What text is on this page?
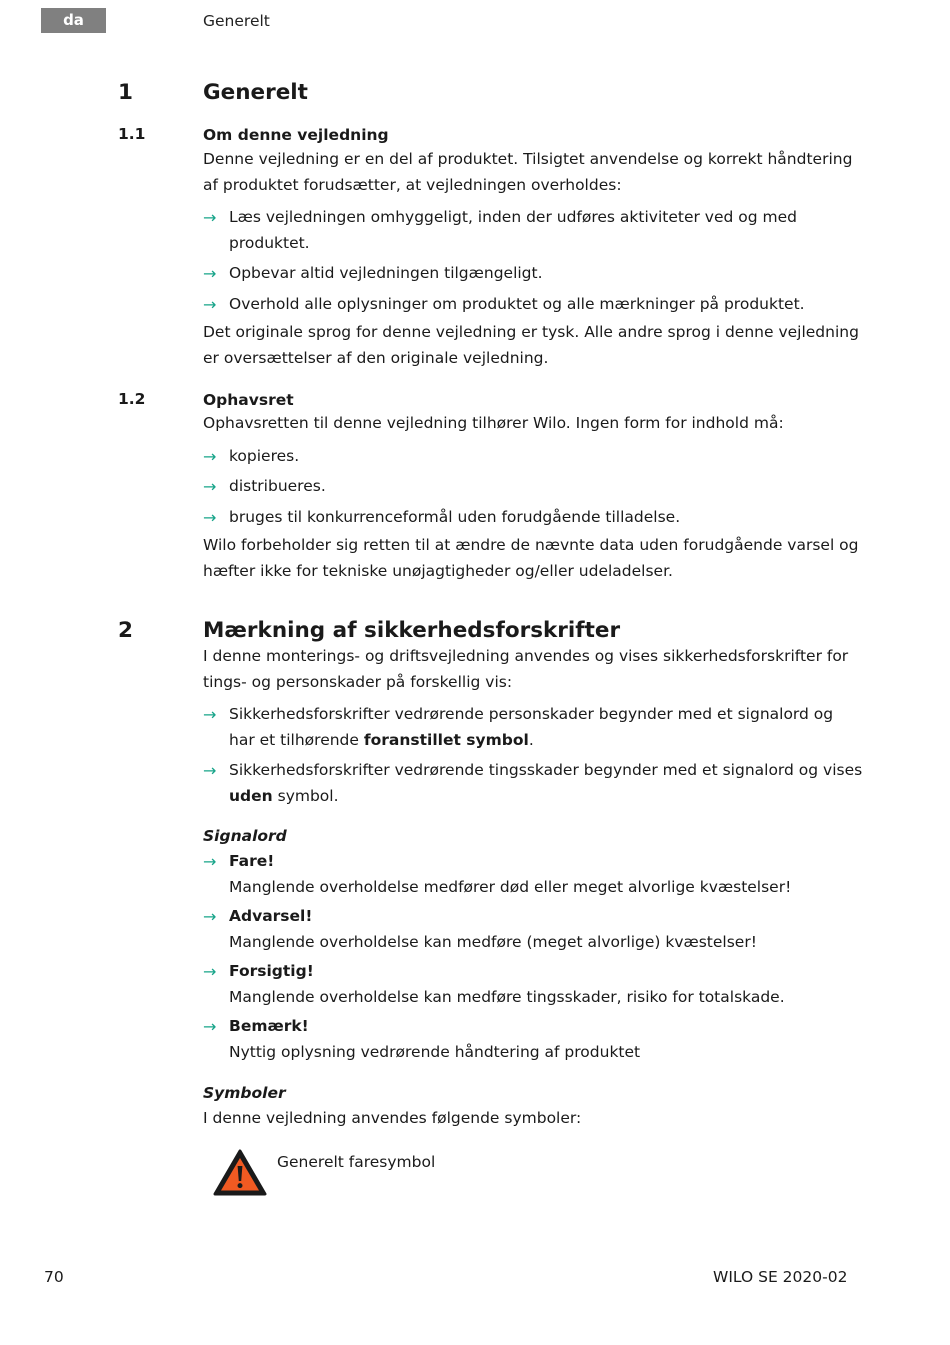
da	Generelt
1	Generelt
1.1	Om denne vejledning

Denne vejledning er en del af produktet. Tilsigtet anvendelse og korrekt håndtering af produktet forudsætter, at vejledningen overholdes:

→ Læs vejledningen omhyggeligt, inden der udføres aktiviteter ved og med produktet.
→ Opbevar altid vejledningen tilgængeligt.
→ Overhold alle oplysninger om produktet og alle mærkninger på produktet.

Det originale sprog for denne vejledning er tysk. Alle andre sprog i denne vejledning er oversættelser af den originale vejledning.

1.2	Ophavsret

Ophavsretten til denne vejledning tilhører Wilo. Ingen form for indhold må:

→ kopieres.
→ distribueres.
→ bruges til konkurrenceformål uden forudgående tilladelse.

Wilo forbeholder sig retten til at ændre de nævnte data uden forudgående varsel og hæfter ikke for tekniske unøjagtigheder og/eller udeladelser.

2	Mærkning af sikkerhedsforskrifter

I denne monterings- og driftsvejledning anvendes og vises sikkerhedsforskrifter for tings- og personskader på forskellig vis:

→ Sikkerhedsforskrifter vedrørende personskader begynder med et signalord og har et tilhørende foranstillet symbol.
→ Sikkerhedsforskrifter vedrørende tingsskader begynder med et signalord og vises uden symbol.
Signalord
→ Fare!
Manglende overholdelse medfører død eller meget alvorlige kvæstelser!
→ Advarsel!
Manglende overholdelse kan medføre (meget alvorlige) kvæstelser!
→ Forsigtig!
Manglende overholdelse kan medføre tingsskader, risiko for totalskade.
→ Bemærk!
Nyttig oplysning vedrørende håndtering af produktet
Symboler

I denne vejledning anvendes følgende symboler:

Generelt faresymbol
70	WILO SE 2020-02
